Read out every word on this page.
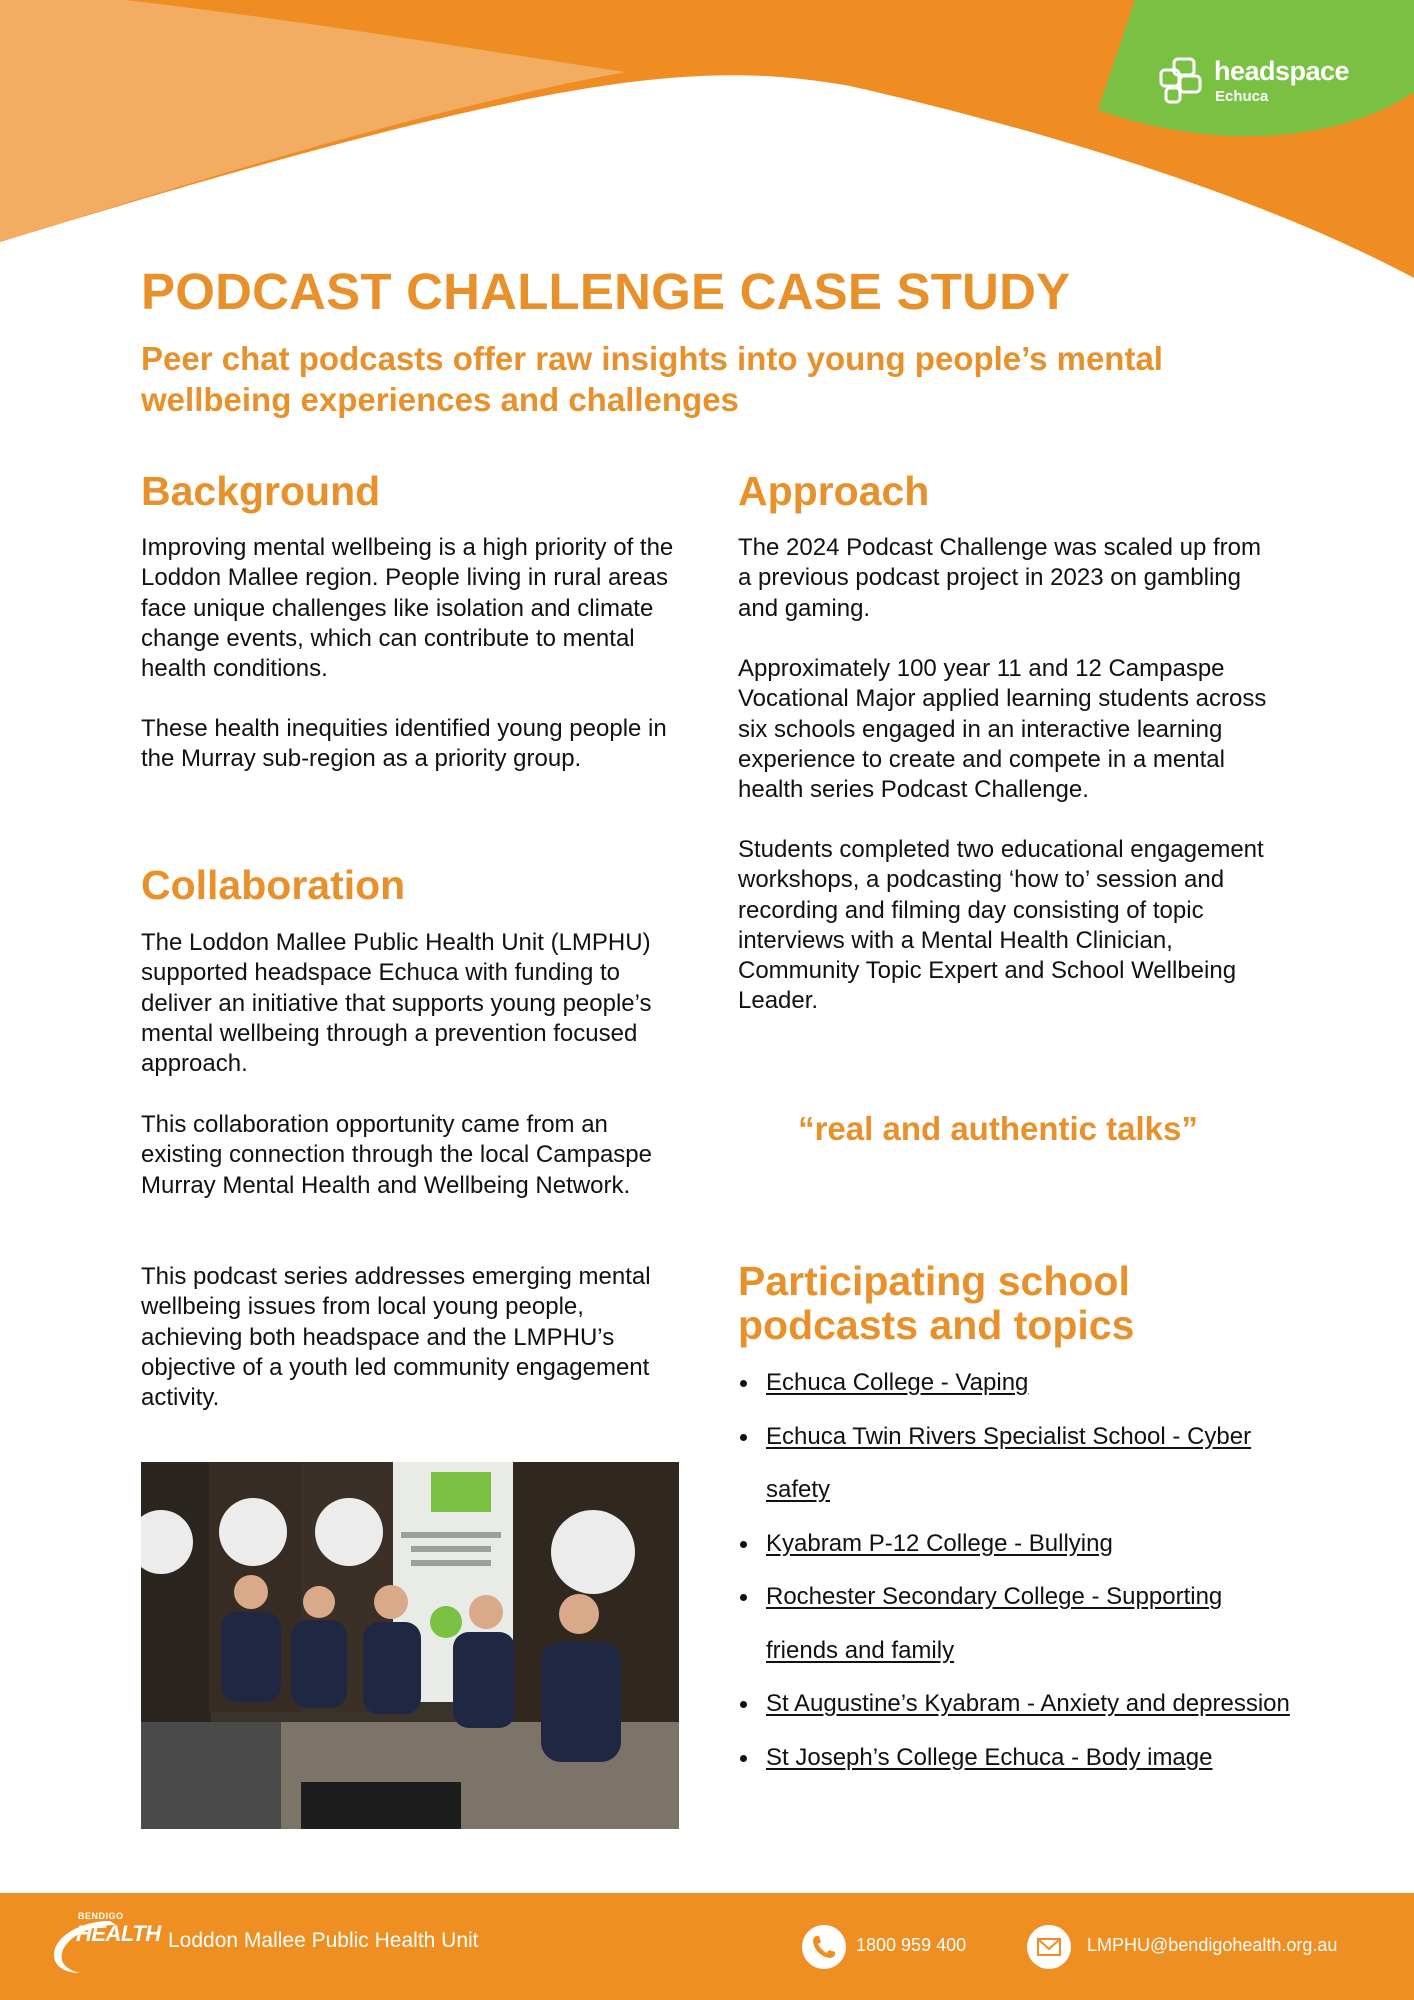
headspace
Echuca
PODCAST CHALLENGE CASE STUDY

Peer chat podcasts offer raw insights into young people’s mental wellbeing experiences and challenges

Background

Improving mental wellbeing is a high priority of the Loddon Mallee region. People living in rural areas face unique challenges like isolation and climate change events, which can contribute to mental health conditions.

These health inequities identified young people in the Murray sub-region as a priority group.

Collaboration

The Loddon Mallee Public Health Unit (LMPHU) supported headspace Echuca with funding to deliver an initiative that supports young people’s mental wellbeing through a prevention focused approach.

This collaboration opportunity came from an existing connection through the local Campaspe Murray Mental Health and Wellbeing Network.

This podcast series addresses emerging mental wellbeing issues from local young people, achieving both headspace and the LMPHU’s objective of a youth led community engagement activity.

Approach

The 2024 Podcast Challenge was scaled up from a previous podcast project in 2023 on gambling and gaming.

Approximately 100 year 11 and 12 Campaspe Vocational Major applied learning students across six schools engaged in an interactive learning experience to create and compete in a mental health series Podcast Challenge.

Students completed two educational engagement workshops, a podcasting ‘how to’ session and recording and filming day consisting of topic interviews with a Mental Health Clinician, Community Topic Expert and School Wellbeing Leader.

“real and authentic talks”

Participating school podcasts and topics
Echuca College - Vaping
Echuca Twin Rivers Specialist School - Cyber safety
Kyabram P-12 College - Bullying
Rochester Secondary College - Supporting friends and family
St Augustine’s Kyabram - Anxiety and depression
St Joseph’s College Echuca - Body image
BENDIGO
HEALTH Loddon Mallee Public Health Unit	1800 959 400	LMPHU@bendigohealth.org.au
